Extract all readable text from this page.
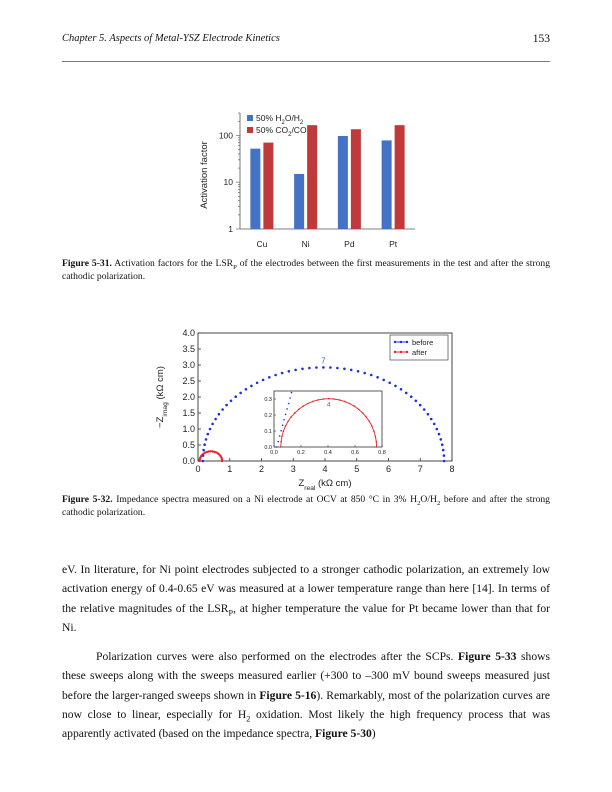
Chapter 5. Aspects of Metal-YSZ Electrode Kinetics	153
1
10
100
Activation factor
Cu	Ni	Pd	Pt
50% $H_2O/H_2$
50% $CO_2/CO$
Figure 5-31. Activation factors for the $LSR_P$ of the electrodes between the first measurements in the test and after the strong cathodic polarization.
0	1	2	3	4	5	6	7	8
0.0
0.5
1.0
1.5
2.0
2.5
3.0
3.5
4.0
$Z_{real}$ (kΩ cm)
$-Z_{imag}$ (kΩ cm)
7
0.0	0.2	0.4	0.6	0.8
0.0
0.1
0.2
0.3
4
before
after
Figure 5-32. Impedance spectra measured on a Ni electrode at OCV at 850 °C in 3% $H_2O/H_2$ before and after the strong cathodic polarization.

eV. In literature, for Ni point electrodes subjected to a stronger cathodic polarization, an extremely low activation energy of 0.4-0.65 eV was measured at a lower temperature range than here [14]. In terms of the relative magnitudes of the $LSR_P$, at higher temperature the value for Pt became lower than that for Ni.

Polarization curves were also performed on the electrodes after the SCPs. Figure 5-33 shows these sweeps along with the sweeps measured earlier (+300 to –300 mV bound sweeps measured just before the larger-ranged sweeps shown in Figure 5-16). Remarkably, most of the polarization curves are now close to linear, especially for $H_2$ oxidation. Most likely the high frequency process that was apparently activated (based on the impedance spectra, Figure 5-30)
